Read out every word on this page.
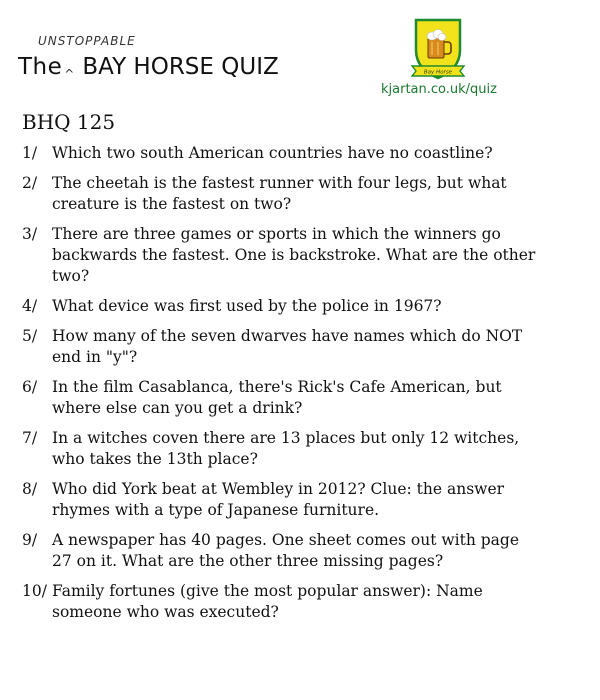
UNSTOPPABLE
The ^ BAY HORSE QUIZ	Bay Horse
kjartan.co.uk/quiz
BHQ 125
1/ Which two south American countries have no coastline?
2/ The cheetah is the fastest runner with four legs, but what creature is the fastest on two?
3/ There are three games or sports in which the winners go backwards the fastest. One is backstroke. What are the other two?
4/ What device was first used by the police in 1967?
5/ How many of the seven dwarves have names which do NOT end in "y"?
6/ In the film Casablanca, there's Rick's Cafe American, but where else can you get a drink?
7/ In a witches coven there are 13 places but only 12 witches, who takes the 13th place?
8/ Who did York beat at Wembley in 2012? Clue: the answer rhymes with a type of Japanese furniture.
9/ A newspaper has 40 pages. One sheet comes out with page 27 on it. What are the other three missing pages?
10/ Family fortunes (give the most popular answer): Name someone who was executed?
